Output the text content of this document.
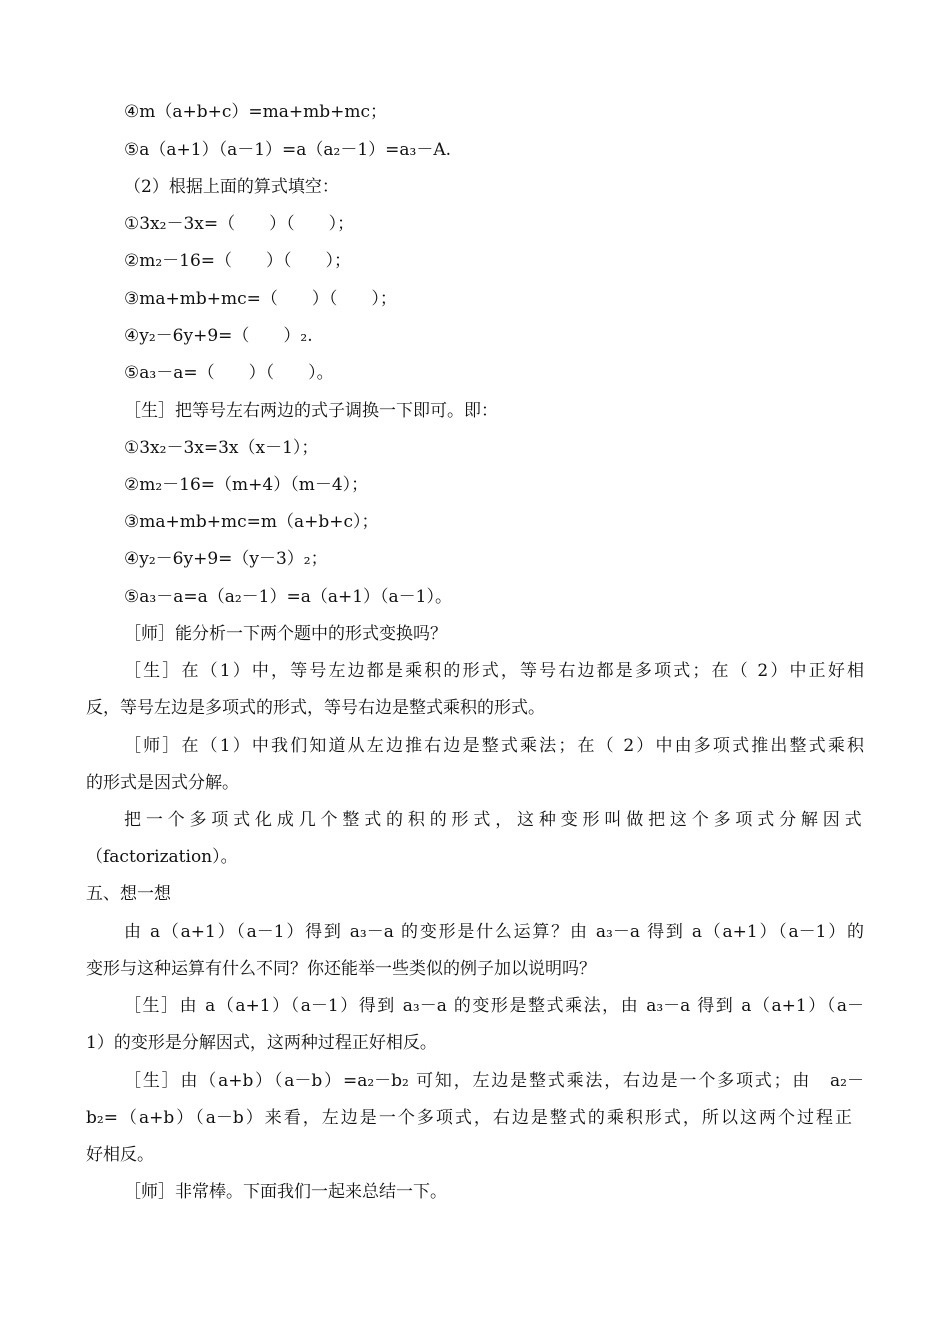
④m（a+b+c）=ma+mb+mc；
⑤a（a+1）（a－1）=a（a₂－1）=a₃－A.
（2）根据上面的算式填空：
①3x₂－3x=（　　）（　　）；
②m₂－16=（　　）（　　）；
③ma+mb+mc=（　　）（　　）；
④y₂－6y+9=（　　）₂.
⑤a₃－a=（　　）（　　）。
［生］把等号左右两边的式子调换一下即可。即：
①3x₂－3x=3x（x－1）；
②m₂－16=（m+4）（m－4）；
③ma+mb+mc=m（a+b+c）；
④y₂－6y+9=（y－3）₂；
⑤a₃－a=a（a₂－1）=a（a+1）（a－1）。
［师］能分析一下两个题中的形式变换吗？
［生］在（1）中，等号左边都是乘积的形式，等号右边都是多项式；在（ 2）中正好相
反，等号左边是多项式的形式，等号右边是整式乘积的形式。
［师］在（1）中我们知道从左边推右边是整式乘法；在（ 2）中由多项式推出整式乘积
的形式是因式分解。
把一个多项式化成几个整式的积的形式，这种变形叫做把这个多项式分解因式
（factorization）。
五、想一想
由 a（a+1）（a－1）得到 a₃－a 的变形是什么运算？由 a₃－a 得到 a（a+1）（a－1）的
变形与这种运算有什么不同？你还能举一些类似的例子加以说明吗？
［生］由 a（a+1）（a－1）得到 a₃－a 的变形是整式乘法，由 a₃－a 得到 a（a+1）（a－
1）的变形是分解因式，这两种过程正好相反。
［生］由（a+b）（a－b）=a₂－b₂ 可知，左边是整式乘法，右边是一个多项式；由　a₂－
b₂=（a+b）（a－b）来看，左边是一个多项式，右边是整式的乘积形式，所以这两个过程正
好相反。
［师］非常棒。下面我们一起来总结一下。
